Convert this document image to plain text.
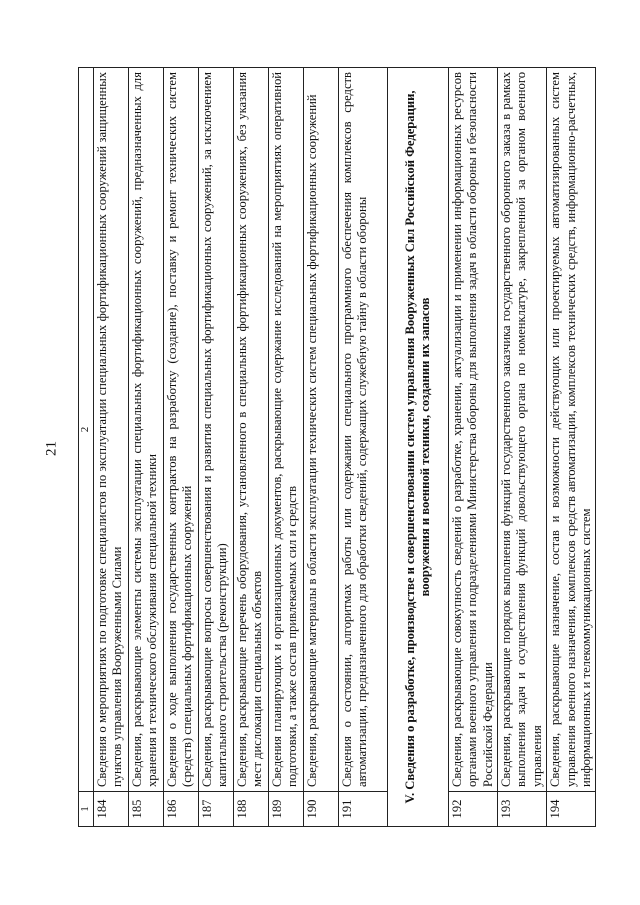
21
1	2
184	Сведения о мероприятиях по подготовке специалистов по эксплуатации специальных фортификационных сооружений защищенных пунктов управления Вооруженными Силами
185	Сведения, раскрывающие элементы системы эксплуатации специальных фортификационных сооружений, предназначенных для хранения и технического обслуживания специальной техники
186	Сведения о ходе выполнения государственных контрактов на разработку (создание), поставку и ремонт технических систем (средств) специальных фортификационных сооружений
187	Сведения, раскрывающие вопросы совершенствования и развития специальных фортификационных сооружений, за исключением капитального строительства (реконструкции)
188	Сведения, раскрывающие перечень оборудования, установленного в специальных фортификационных сооружениях, без указания мест дислокации специальных объектов
189	Сведения планирующих и организационных документов, раскрывающие содержание исследований на мероприятиях оперативной подготовки, а также состав привлекаемых сил и средств
190	Сведения, раскрывающие материалы в области эксплуатации технических систем специальных фортификационных сооружений
191	Сведения о состоянии, алгоритмах работы или содержании специального программного обеспечения комплексов средств автоматизации, предназначенного для обработки сведений, содержащих служебную тайну в области обороны
V. Сведения о разработке, производстве и совершенствовании систем управления Вооруженных Сил Российской Федерации, вооружения и военной техники, создании их запасов	
192	Сведения, раскрывающие совокупность сведений о разработке, хранении, актуализации и применении информационных ресурсов органами военного управления и подразделениями Министерства обороны для выполнения задач в области обороны и безопасности Российской Федерации
193	Сведения, раскрывающие порядок выполнения функций государственного заказчика государственного оборонного заказа в рамках выполнения задач и осуществления функций довольствующего органа по номенклатуре, закрепленной за органом военного управления
194	Сведения, раскрывающие назначение, состав и возможности действующих или проектируемых автоматизированных систем управления военного назначения, комплексов средств автоматизации, комплексов технических средств, информационно-расчетных, информационных и телекоммуникационных систем
